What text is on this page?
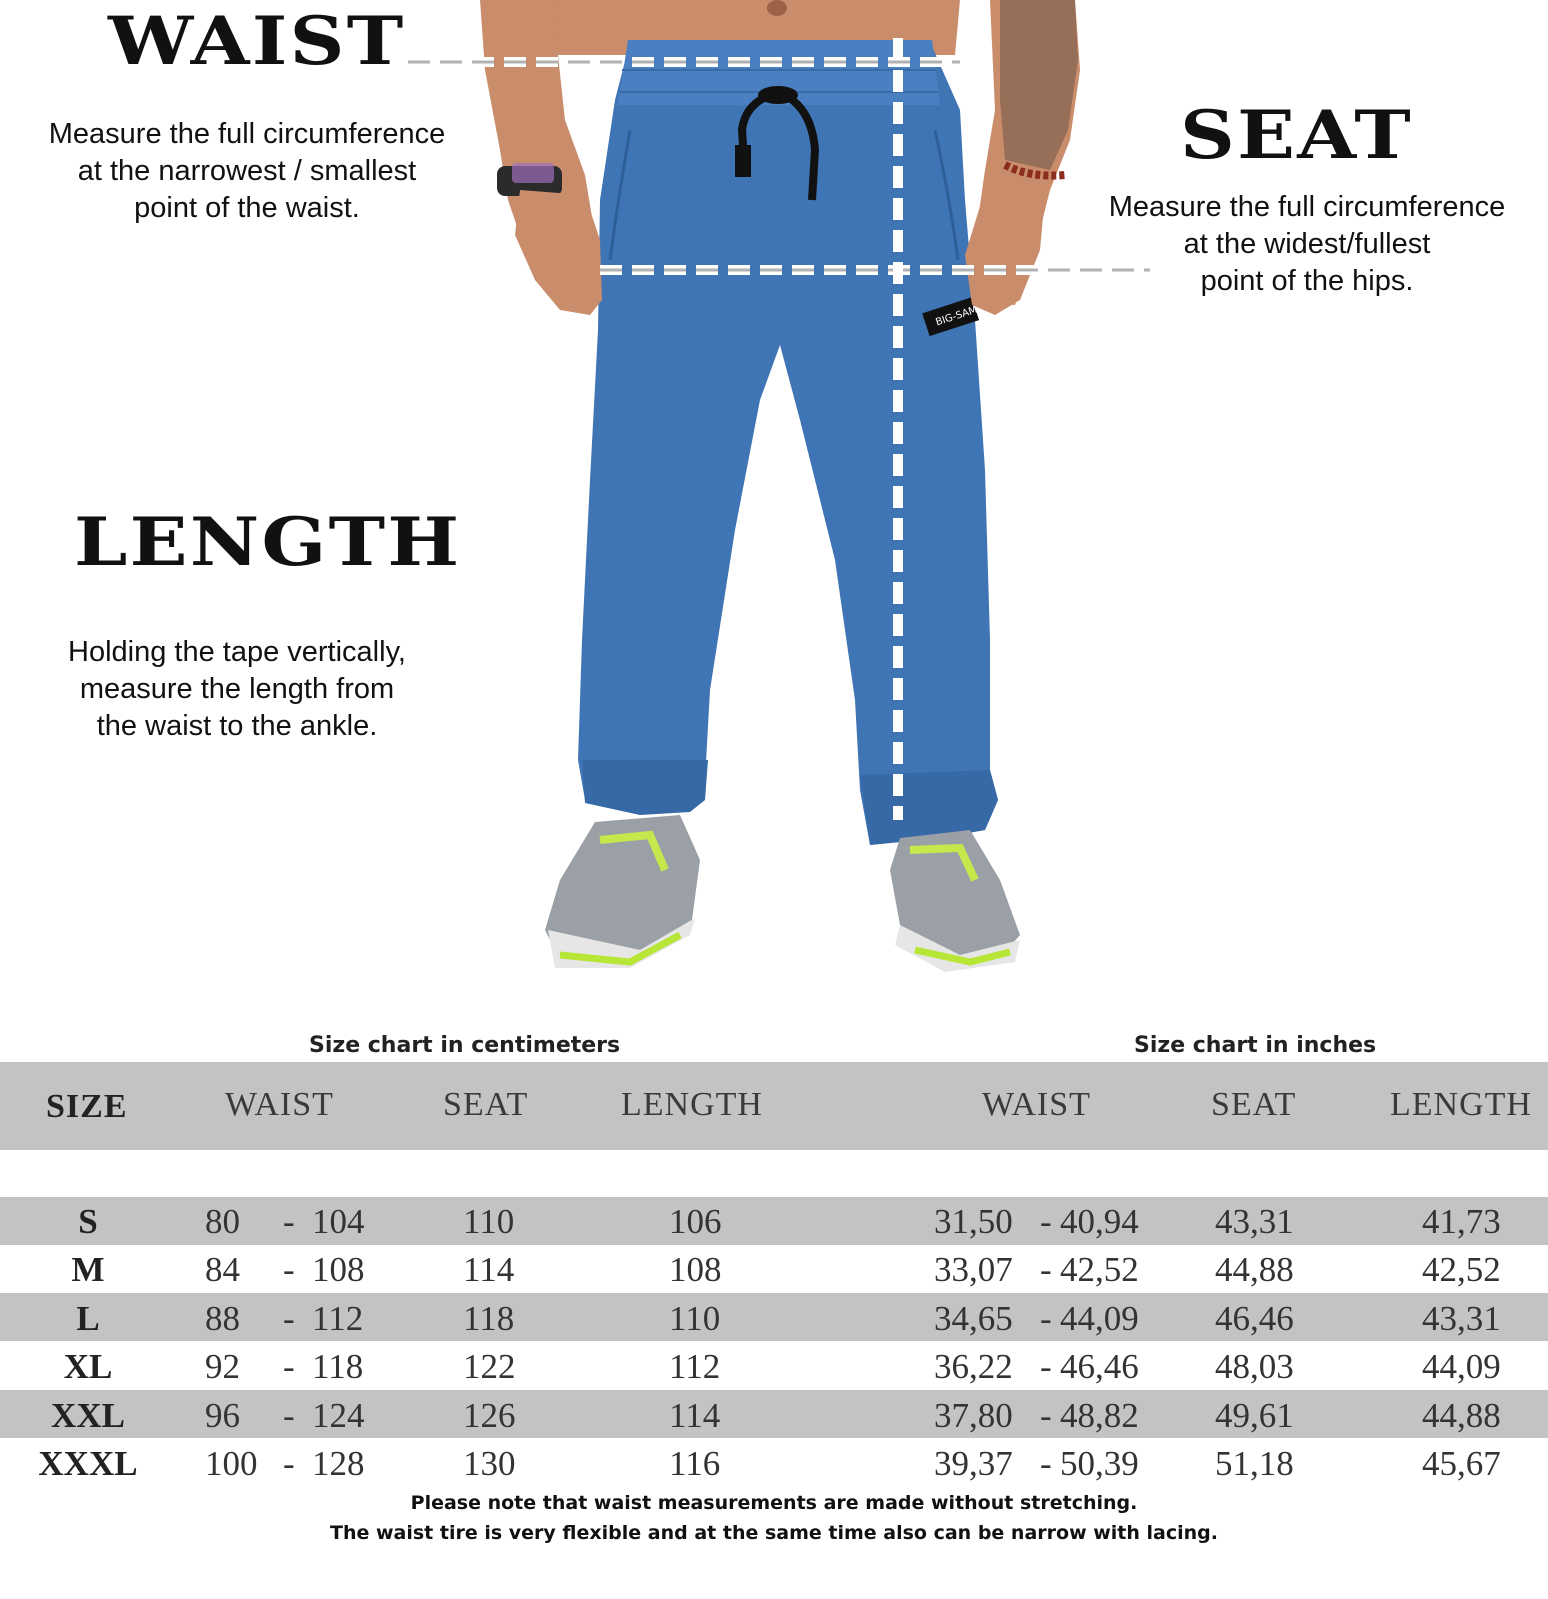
BIG-SAM
WAIST
Measure the full circumference
at the narrowest / smallest
point of the waist.
SEAT
Measure the full circumference
at the widest/fullest
point of the hips.
LENGTH
Holding the tape vertically,
measure the length from
the waist to the ankle.
Size chart in centimeters	Size chart in inches
SIZE	WAIST	SEAT	LENGTH	WAIST	SEAT	LENGTH
S	80 - 104	110	106	31,50 - 40,94 43,31	41,73
M	84 - 108	114	108	33,07 - 42,52 44,88	42,52
L	88 - 112	118	110	34,65 - 44,09 46,46	43,31
XL	92 - 118	122	112	36,22 - 46,46 48,03	44,09
XXL	96 - 124	126	114	37,80 - 48,82 49,61	44,88
XXXL 100 - 128	130	116	39,37 - 50,39 51,18	45,67
Please note that waist measurements are made without stretching.
The waist tire is very flexible and at the same time also can be narrow with lacing.
